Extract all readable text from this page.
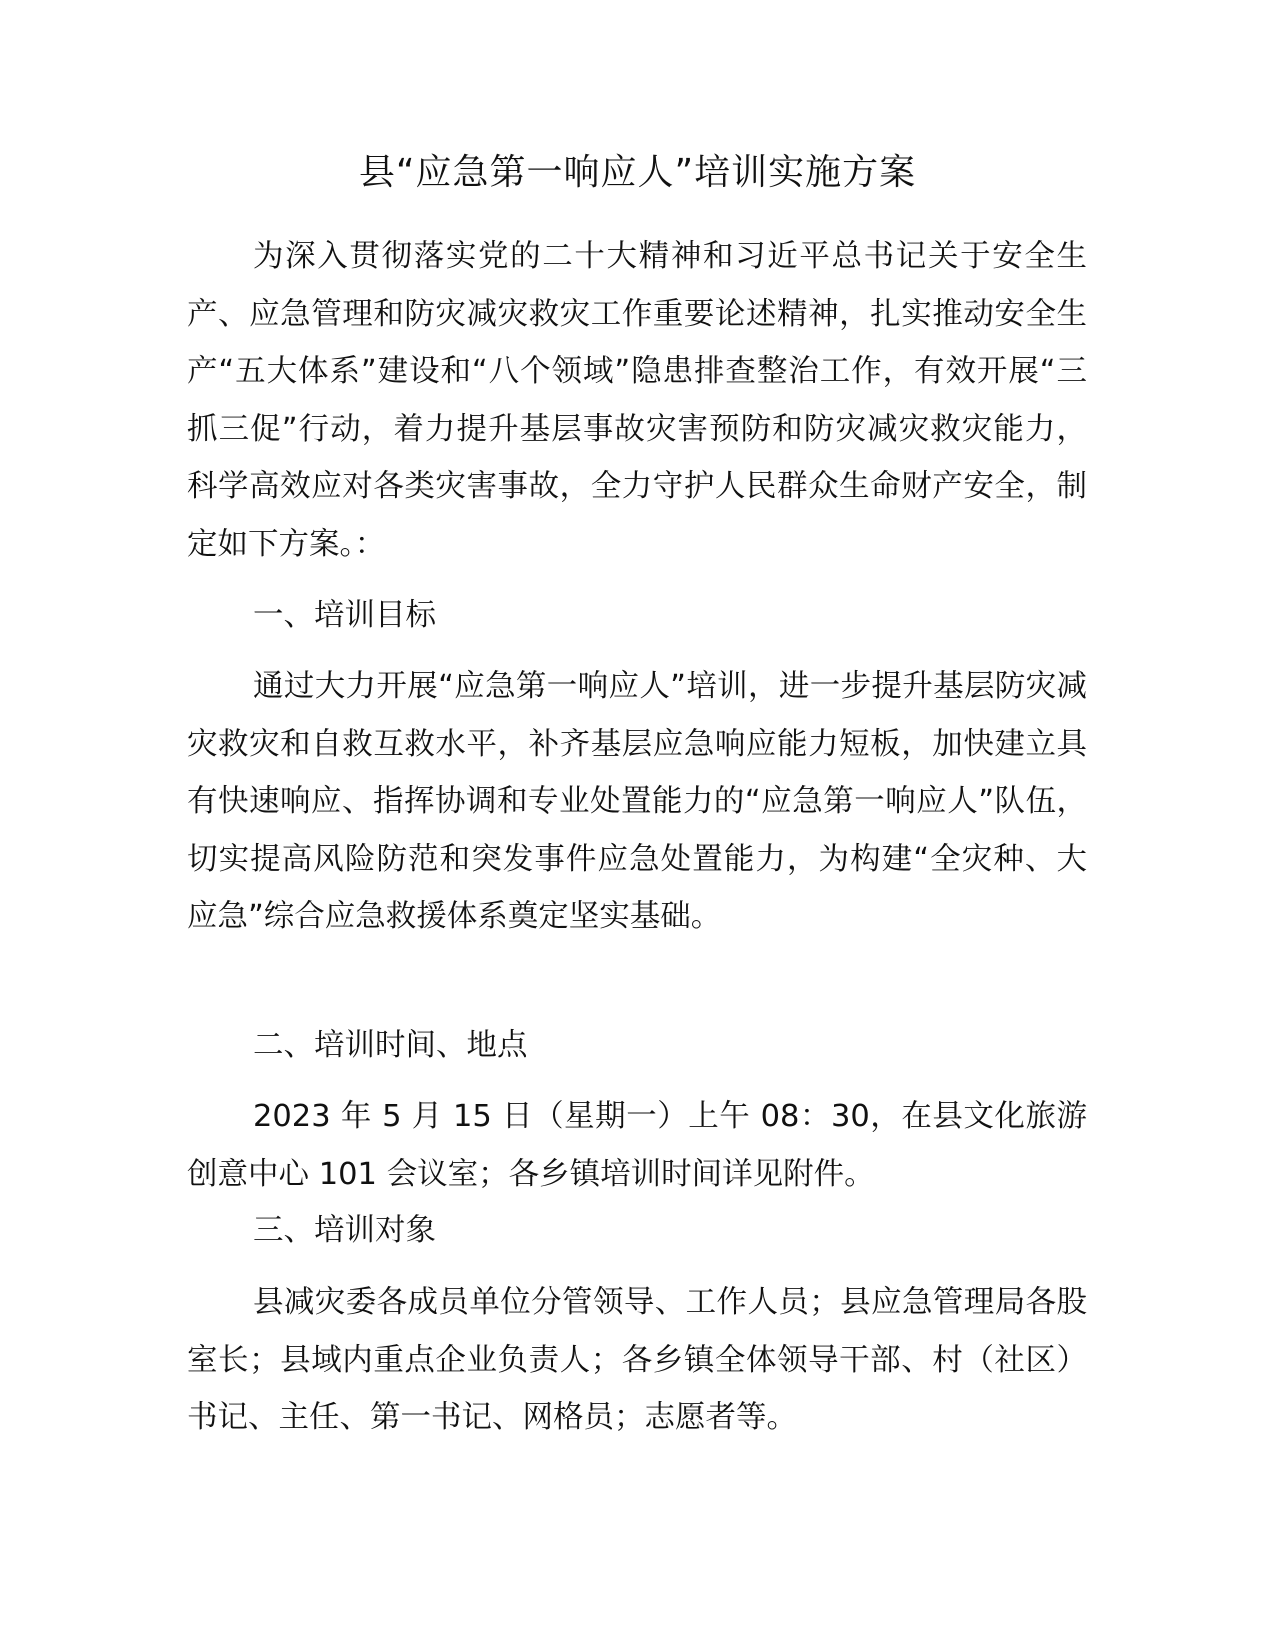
县“应急第一响应人”培训实施方案

为深入贯彻落实党的二十大精神和习近平总书记关于安全生产、应急管理和防灾减灾救灾工作重要论述精神，扎实推动安全生产“五大体系”建设和“八个领域”隐患排查整治工作，有效开展“三抓三促”行动，着力提升基层事故灾害预防和防灾减灾救灾能力，科学高效应对各类灾害事故，全力守护人民群众生命财产安全，制定如下方案。：

一、培训目标

通过大力开展“应急第一响应人”培训，进一步提升基层防灾减灾救灾和自救互救水平，补齐基层应急响应能力短板，加快建立具有快速响应、指挥协调和专业处置能力的“应急第一响应人”队伍，切实提高风险防范和突发事件应急处置能力，为构建“全灾种、大应急”综合应急救援体系奠定坚实基础。

二、培训时间、地点

2023 年 5 月 15 日（星期一）上午 08：30，在县文化旅游创意中心 101 会议室；各乡镇培训时间详见附件。

三、培训对象

县减灾委各成员单位分管领导、工作人员；县应急管理局各股室长；县域内重点企业负责人；各乡镇全体领导干部、村（社区）书记、主任、第一书记、网格员；志愿者等。
